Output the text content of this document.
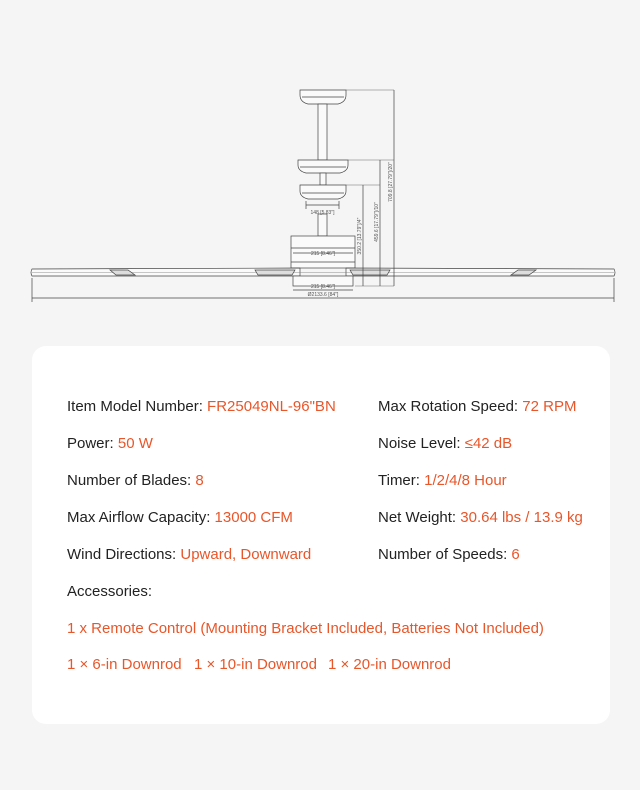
148 [5.83"]
215 [8.46"]
215 [8.46"]
Ø2133.6 [84"]
350.2 [13.79"]/4" 459.6 [17.79"]/10"
709.8 [27.79"]/20"
Item Model Number: FR25049NL-96"BN	Max Rotation Speed: 72 RPM
Power: 50 W	Noise Level: ≤42 dB
Number of Blades: 8	Timer: 1/2/4/8 Hour
Max Airflow Capacity: 13000 CFM	Net Weight: 30.64 lbs / 13.9 kg
Wind Directions: Upward, Downward	Number of Speeds: 6
Accessories:
1 x Remote Control (Mounting Bracket Included, Batteries Not Included)
1 × 6-in Downrod 1 × 10-in Downrod 1 × 20-in Downrod
